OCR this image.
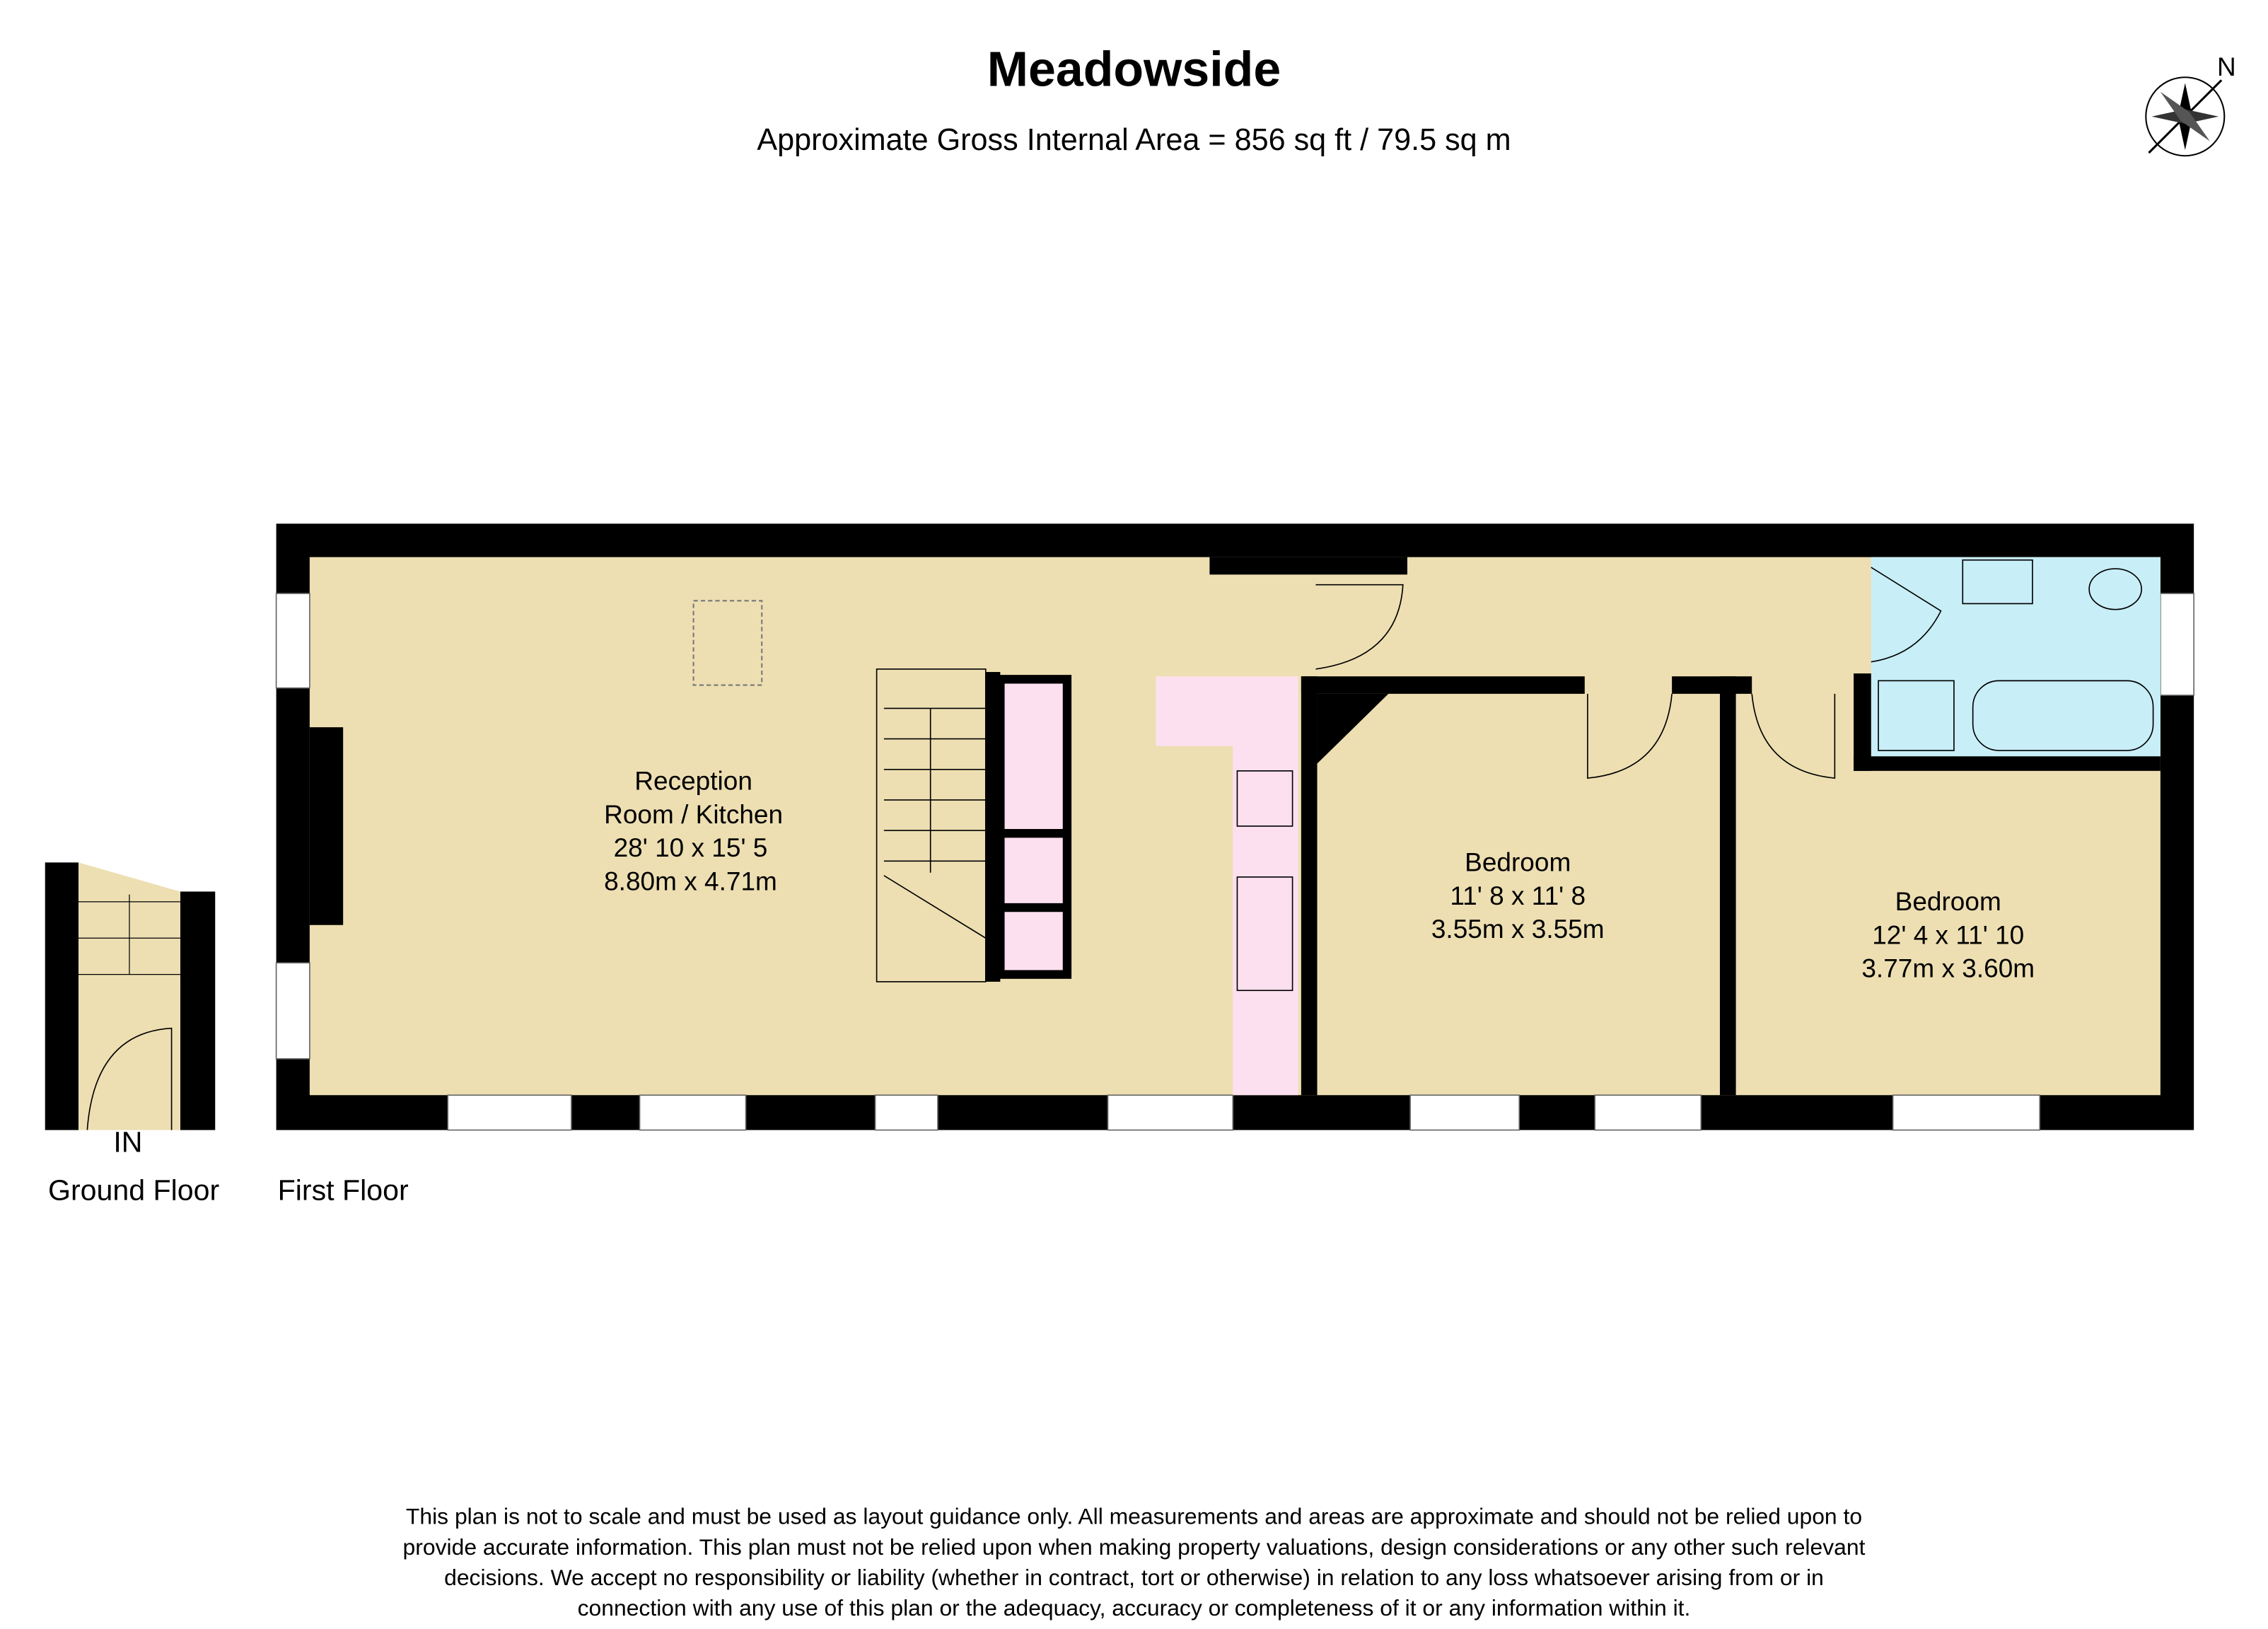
Meadowside
Approximate Gross Internal Area = 856 sq ft / 79.5 sq m
N
Reception
Room / Kitchen
28' 10 x 15' 5
8.80m x 4.71m
Bedroom
11' 8 x 11' 8
3.55m x 3.55m
Bedroom
12' 4 x 11' 10
3.77m x 3.60m
IN
Ground Floor	First Floor
This plan is not to scale and must be used as layout guidance only. All measurements and areas are approximate and should not be relied upon to
provide accurate information. This plan must not be relied upon when making property valuations, design considerations or any other such relevant
decisions. We accept no responsibility or liability (whether in contract, tort or otherwise) in relation to any loss whatsoever arising from or in
connection with any use of this plan or the adequacy, accuracy or completeness of it or any information within it.
